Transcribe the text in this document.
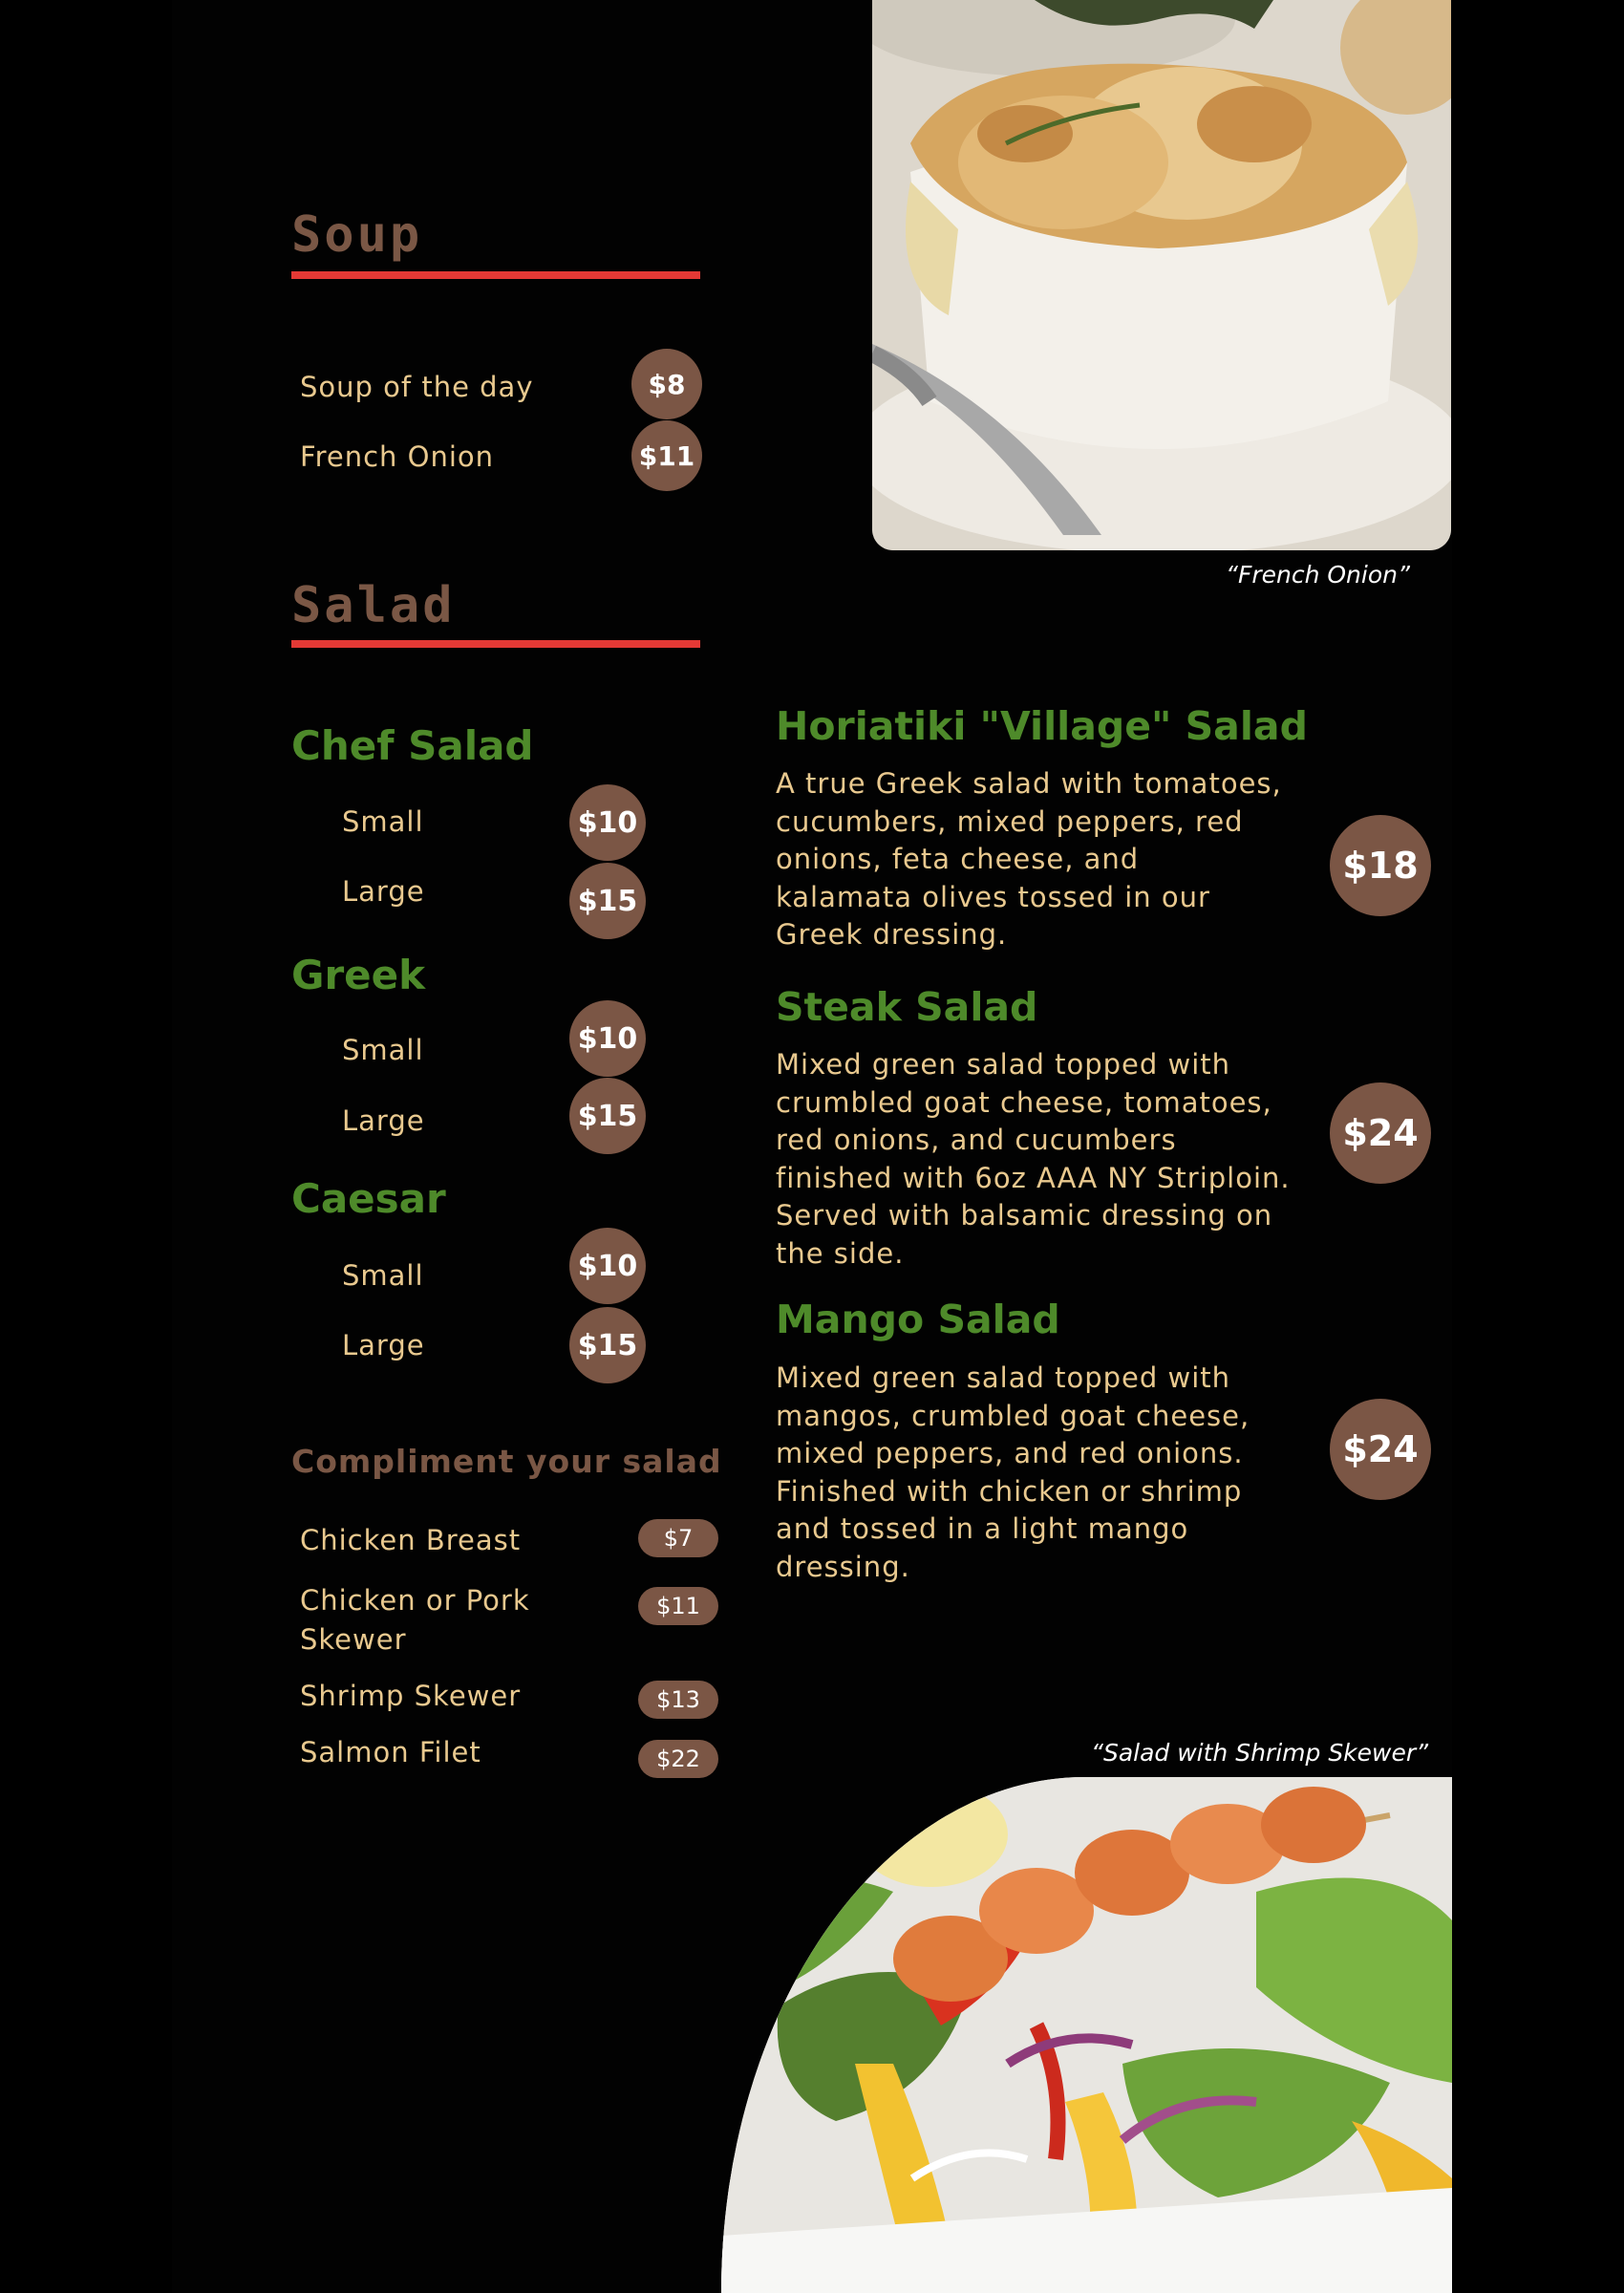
“French Onion”
Soup
Soup of the day	$8
French Onion	$11
Salad
Chef Salad
Small	$10
Large	$15
Greek
Small	$10
Large	$15
Caesar
Small	$10
Large	$15
Horiatiki "Village" Salad
A true Greek salad with tomatoes,
cucumbers, mixed peppers, red
onions, feta cheese, and
kalamata olives tossed in our
Greek dressing.
$18
Steak Salad
Mixed green salad topped with
crumbled goat cheese, tomatoes,
red onions, and cucumbers
finished with 6oz AAA NY Striploin.
Served with balsamic dressing on
the side.
$24
Mango Salad
Mixed green salad topped with
mangos, crumbled goat cheese,
mixed peppers, and red onions.
Finished with chicken or shrimp
and tossed in a light mango
dressing.
$24
Compliment your salad
Chicken Breast	$7
Chicken or Pork
Skewer
$11
Shrimp Skewer	$13
Salmon Filet	$22	“Salad with Shrimp Skewer”
